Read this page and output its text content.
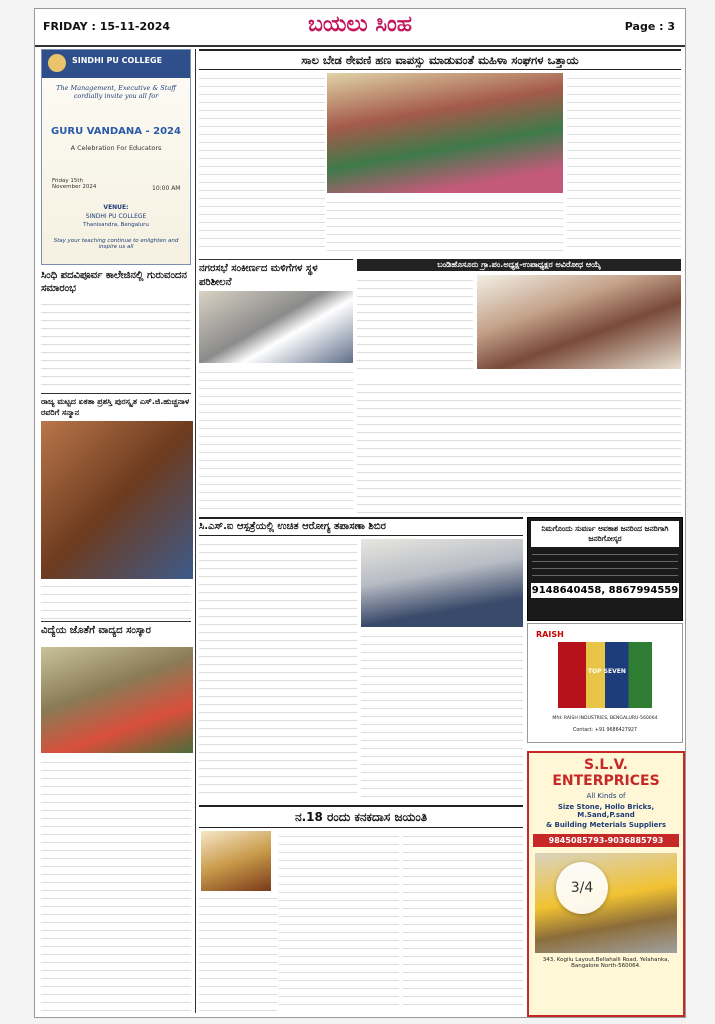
FRIDAY : 15-11-2024	ಬಯಲು ಸಿಂಹ	Page : 3
SINDHI PU COLLEGE
The Management, Executive & Staff cordially invite you all for
GURU VANDANA - 2024
A Celebration For Educators
Friday 15th November 2024	10:00 AM
VENUE:
SINDHI PU COLLEGE
Thanisandra, Bengaluru
Stay your teaching continue to enlighten and inspire us all
ಸಿಂಧಿ ಪದವಿಪೂರ್ವ ಕಾಲೇಜಿನಲ್ಲಿ ಗುರುವಂದನ ಸಮಾರಂಭ
ರಾಜ್ಯ ಮಟ್ಟದ ಏಕತಾ ಪ್ರಶಸ್ತಿ ಪುರಸ್ಕೃತ ಎಸ್.ಜಿ.ಹುಚ್ಚನಾಳ ರವರಿಗೆ ಸನ್ಮಾನ
ವಿದ್ಯೆಯ ಜೊತೆಗೆ ವಾದ್ಯದ ಸಂಸ್ಕಾರ
ಸಾಲ ಬೇಡ ಠೇವಣಿ ಹಣ ವಾಪಸ್ಸು ಮಾಡುವಂತೆ ಮಹಿಳಾ ಸಂಘಗಳ ಒತ್ತಾಯ
ನಗರಸಭೆ ಸಂಕೀರ್ಣದ ಮಳಿಗೆಗಳ ಸ್ಥಳ ಪರಿಶೀಲನೆ
ಬಂಡಿಹೊಸೂರು ಗ್ರಾ.ಪಂ.ಅಧ್ಯಕ್ಷ-ಉಪಾಧ್ಯಕ್ಷರ ಅವಿರೋಧ ಆಯ್ಕೆ
ಸಿ.ಎಸ್.ಐ ಆಸ್ಪತ್ರೆಯಲ್ಲಿ ಉಚಿತ ಆರೋಗ್ಯ ತಪಾಸಣಾ ಶಿಬಿರ	ನಿಮಗೊಂದು ಸುವರ್ಣ ಅವಕಾಶ ಜನರಿಂದ ಜನರಿಗಾಗಿ ಜನರಿಗೋಸ್ಕರ
9148640458, 8867994559
RAISH
TOP SEVEN
Mfd: RAISH INDUSTRIES, BENGALURU-560064
Contact: +91 9686427927
ನ.18 ರಂದು ಕನಕದಾಸ ಜಯಂತಿ
S.L.V. ENTERPRICES
All Kinds of
Size Stone, Hollo Bricks, M.Sand,P.sand
& Building Meterials Suppliers
9845085793-9036885793
343, Kogilu Layout,Bellahalli Road, Yelahanka, Bangalore North-560064.
3/4
